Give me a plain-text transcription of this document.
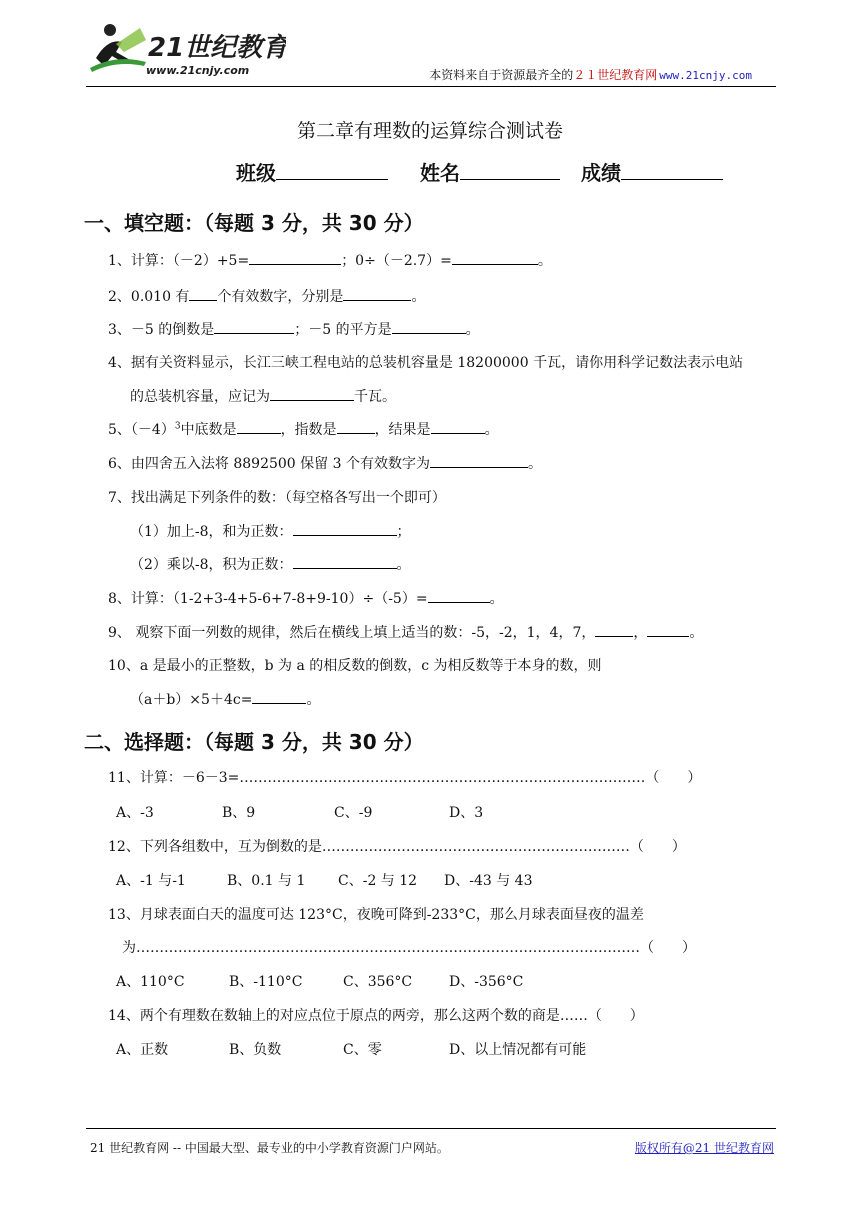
21世纪教育
www.21cnjy.com	本资料来自于资源最齐全的２１世纪教育网 www.21cnjy.com
第二章有理数的运算综合测试卷
班级	姓名	成绩
一、填空题：（每题 3 分，共 30 分）
1、计算：（－2）+5=	；0÷（－2.7）=	。
2、0.010 有 个有效数字，分别是	。
3、－5 的倒数是	；－5 的平方是	。
4、据有关资料显示，长江三峡工程电站的总装机容量是 18200000 千瓦，请你用科学记数法表示电站
的总装机容量，应记为	千瓦。
5、$(-4)^3$中底数是	，指数是	，结果是	。
6、由四舍五入法将 8892500 保留 3 个有效数字为	。
7、找出满足下列条件的数：（每空格各写出一个即可）
（1）加上-8，和为正数：	；
（2）乘以-8，积为正数：	。
8、计算：（1-2+3-4+5-6+7-8+9-10）÷（-5）=	。
9、 观察下面一列数的规律，然后在横线上填上适当的数：-5，-2，1，4，7，	，	。
10、a 是最小的正整数，b 为 a 的相反数的倒数，c 为相反数等于本身的数，则
（a＋b）×5＋4c=	。
二、选择题：（每题 3 分，共 30 分）
11、计算：－6－3=……………………………………………………………………………（　　）
A、-3	B、9	C、-9	D、3
12、下列各组数中，互为倒数的是…………………………………………………………（　　）
A、-1 与-1	B、0.1 与 1 C、-2 与 12 D、-43 与 43
13、月球表面白天的温度可达 123°C，夜晚可降到-233°C，那么月球表面昼夜的温差
为………………………………………………………………………………………………（　　）
A、110°C	B、-110°C	C、356°C	D、-356°C
14、两个有理数在数轴上的对应点位于原点的两旁，那么这两个数的商是……（　　）
A、正数	B、负数	C、零	D、以上情况都有可能
21 世纪教育网 -- 中国最大型、最专业的中小学教育资源门户网站。	版权所有@21 世纪教育网
